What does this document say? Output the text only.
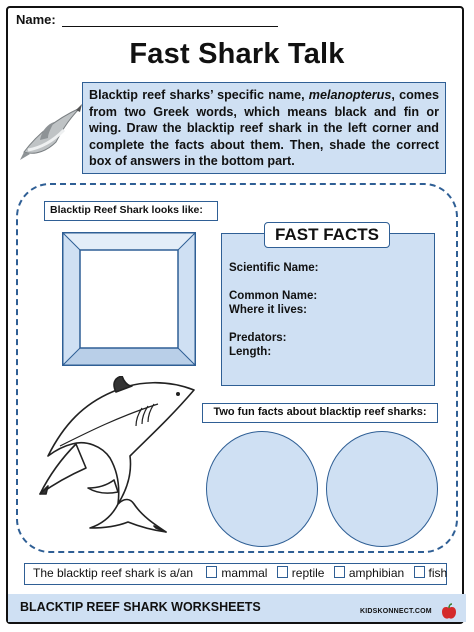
Name:
Fast Shark Talk
Blacktip reef sharks’ specific name, melanopterus, comes from two Greek words, which means black and fin or wing. Draw the blacktip reef shark in the left corner and complete the facts about them. Then, shade the correct box of answers in the bottom part.
Blacktip Reef Shark looks like:
FAST FACTS
Scientific Name:
Common Name:
Where it lives:
Predators:
Length:
Two fun facts about blacktip reef sharks:
The blacktip reef shark is a/an mammal reptile amphibian fish
BLACKTIP REEF SHARK WORKSHEETS	KIDSKONNECT.COM
